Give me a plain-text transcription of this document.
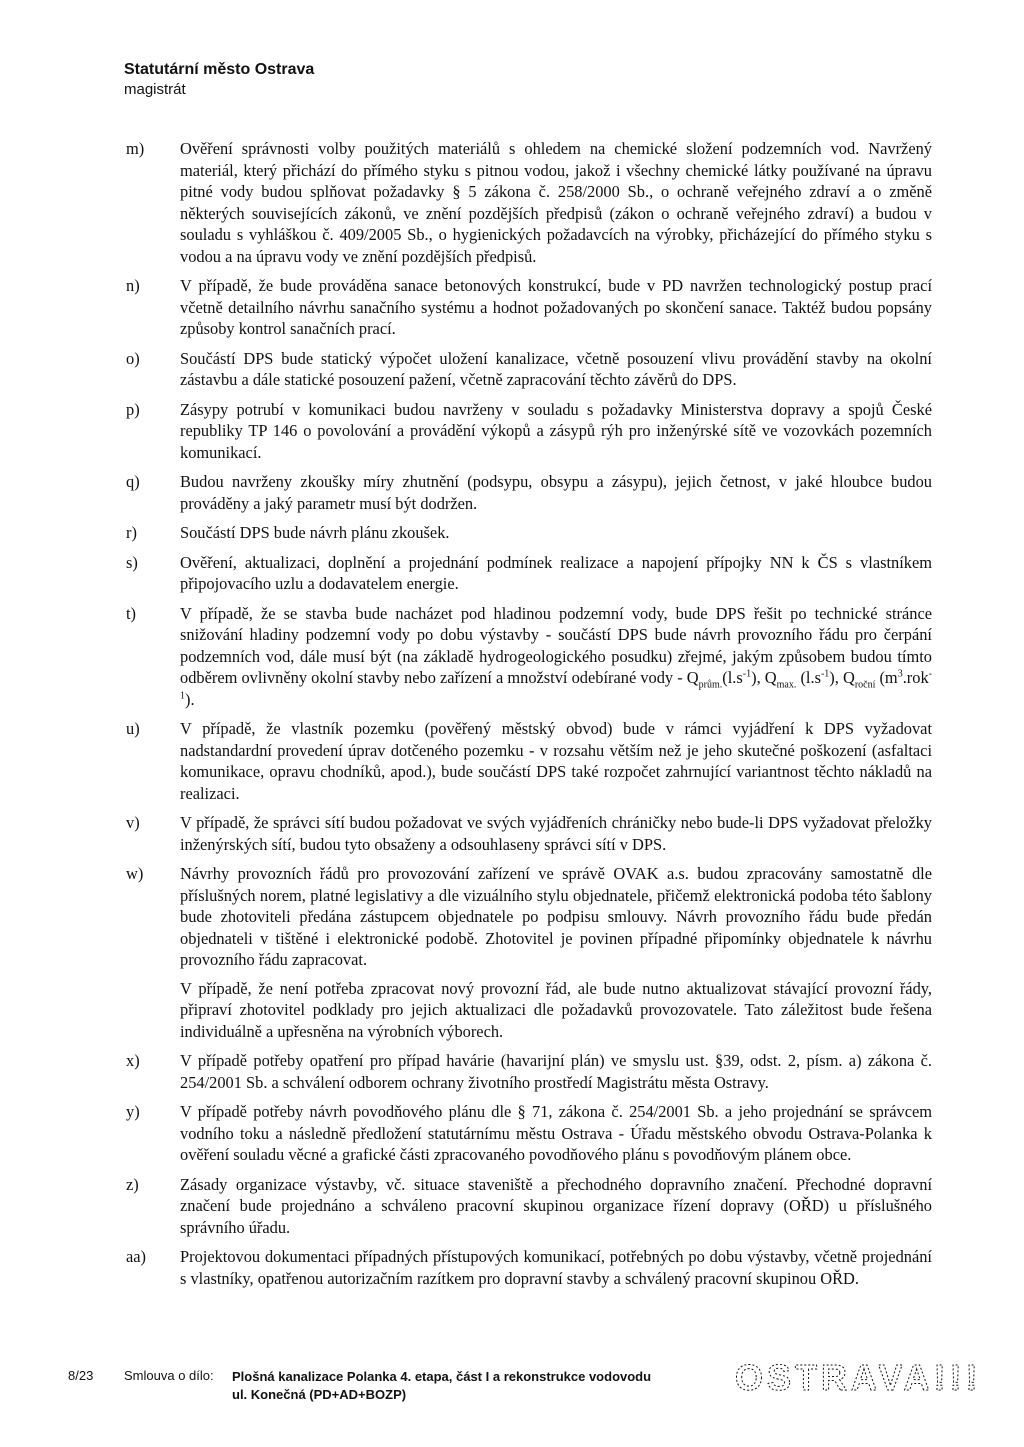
Statutární město Ostrava
magistrát
m) Ověření správnosti volby použitých materiálů s ohledem na chemické složení podzemních vod. Navržený materiál, který přichází do přímého styku s pitnou vodou, jakož i všechny chemické látky používané na úpravu pitné vody budou splňovat požadavky § 5 zákona č. 258/2000 Sb., o ochraně veřejného zdraví a o změně některých souvisejících zákonů, ve znění pozdějších předpisů (zákon o ochraně veřejného zdraví) a budou v souladu s vyhláškou č. 409/2005 Sb., o hygienických požadavcích na výrobky, přicházející do přímého styku s vodou a na úpravu vody ve znění pozdějších předpisů.

n) V případě, že bude prováděna sanace betonových konstrukcí, bude v PD navržen technologický postup prací včetně detailního návrhu sanačního systému a hodnot požadovaných po skončení sanace. Taktéž budou popsány způsoby kontrol sanačních prací.

o) Součástí DPS bude statický výpočet uložení kanalizace, včetně posouzení vlivu provádění stavby na okolní zástavbu a dále statické posouzení pažení, včetně zapracování těchto závěrů do DPS.

p) Zásypy potrubí v komunikaci budou navrženy v souladu s požadavky Ministerstva dopravy a spojů České republiky TP 146 o povolování a provádění výkopů a zásypů rýh pro inženýrské sítě ve vozovkách pozemních komunikací.

q) Budou navrženy zkoušky míry zhutnění (podsypu, obsypu a zásypu), jejich četnost, v jaké hloubce budou prováděny a jaký parametr musí být dodržen.

r)	Součástí DPS bude návrh plánu zkoušek.

s)	Ověření, aktualizaci, doplnění a projednání podmínek realizace a napojení přípojky NN k ČS s vlastníkem připojovacího uzlu a dodavatelem energie.

t)	V případě, že se stavba bude nacházet pod hladinou podzemní vody, bude DPS řešit po technické stránce snižování hladiny podzemní vody po dobu výstavby - součástí DPS bude návrh provozního řádu pro čerpání podzemních vod, dále musí být (na základě hydrogeologického posudku) zřejmé, jakým způsobem budou tímto odběrem ovlivněny okolní stavby nebo zařízení a množství odebírané vody - $Q_{prům.}(l.s^{-1})$, $Q_{max.}$ $(l.s^{-1})$, $Q_{roční}$ $(m^3.rok^{-1})$.

u) V případě, že vlastník pozemku (pověřený městský obvod) bude v rámci vyjádření k DPS vyžadovat nadstandardní provedení úprav dotčeného pozemku - v rozsahu větším než je jeho skutečné poškození (asfaltaci komunikace, opravu chodníků, apod.), bude součástí DPS také rozpočet zahrnující variantnost těchto nákladů na realizaci.

v) V případě, že správci sítí budou požadovat ve svých vyjádřeních chráničky nebo bude-li DPS vyžadovat přeložky inženýrských sítí, budou tyto obsaženy a odsouhlaseny správci sítí v DPS.

w) Návrhy provozních řádů pro provozování zařízení ve správě OVAK a.s. budou zpracovány samostatně dle příslušných norem, platné legislativy a dle vizuálního stylu objednatele, přičemž elektronická podoba této šablony bude zhotoviteli předána zástupcem objednatele po podpisu smlouvy. Návrh provozního řádu bude předán objednateli v tištěné i elektronické podobě. Zhotovitel je povinen případné připomínky objednatele k návrhu provozního řádu zapracovat.

V případě, že není potřeba zpracovat nový provozní řád, ale bude nutno aktualizovat stávající provozní řády, připraví zhotovitel podklady pro jejich aktualizaci dle požadavků provozovatele. Tato záležitost bude řešena individuálně a upřesněna na výrobních výborech.

x) V případě potřeby opatření pro případ havárie (havarijní plán) ve smyslu ust. §39, odst. 2, písm. a) zákona č. 254/2001 Sb. a schválení odborem ochrany životního prostředí Magistrátu města Ostravy.

y) V případě potřeby návrh povodňového plánu dle § 71, zákona č. 254/2001 Sb. a jeho projednání se správcem vodního toku a následně předložení statutárnímu městu Ostrava - Úřadu městského obvodu Ostrava-Polanka k ověření souladu věcné a grafické části zpracovaného povodňového plánu s povodňovým plánem obce.

z)	Zásady organizace výstavby, vč. situace staveniště a přechodného dopravního značení. Přechodné dopravní značení bude projednáno a schváleno pracovní skupinou organizace řízení dopravy (OŘD) u příslušného správního úřadu.

aa) Projektovou dokumentaci případných přístupových komunikací, potřebných po dobu výstavby, včetně projednání s vlastníky, opatřenou autorizačním razítkem pro dopravní stavby a schválený pracovní skupinou OŘD.

8/23 Smlouva o dílo: Plošná kanalizace Polanka 4. etapa, část I a rekonstrukce vodovodu
ul. Konečná (PD+AD+BOZP)	OSTRAVA!!!
